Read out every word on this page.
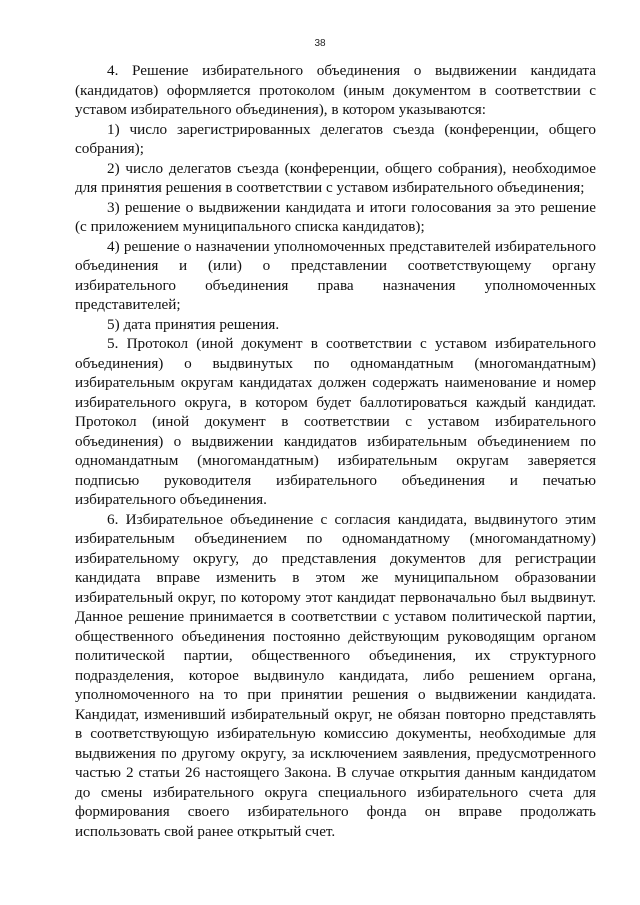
38

4. Решение избирательного объединения о выдвижении кандидата (кандидатов) оформляется протоколом (иным документом в соответствии с уставом избирательного объединения), в котором указываются:

1) число зарегистрированных делегатов съезда (конференции, общего собрания);

2) число делегатов съезда (конференции, общего собрания), необходимое для принятия решения в соответствии с уставом избирательного объединения;

3) решение о выдвижении кандидата и итоги голосования за это решение (с приложением муниципального списка кандидатов);

4) решение о назначении уполномоченных представителей избирательного объединения и (или) о представлении соответствующему органу избирательного объединения права назначения уполномоченных представителей;

5) дата принятия решения.

5. Протокол (иной документ в соответствии с уставом избирательного объединения) о выдвинутых по одномандатным (многомандатным) избирательным округам кандидатах должен содержать наименование и номер избирательного округа, в котором будет баллотироваться каждый кандидат. Протокол (иной документ в соответствии с уставом избирательного объединения) о выдвижении кандидатов избирательным объединением по одномандатным (многомандатным) избирательным округам заверяется подписью руководителя избирательного объединения и печатью избирательного объединения.

6. Избирательное объединение с согласия кандидата, выдвинутого этим избирательным объединением по одномандатному (многомандатному) избирательному округу, до представления документов для регистрации кандидата вправе изменить в этом же муниципальном образовании избирательный округ, по которому этот кандидат первоначально был выдвинут. Данное решение принимается в соответствии с уставом политической партии, общественного объединения постоянно действующим руководящим органом политической партии, общественного объединения, их структурного подразделения, которое выдвинуло кандидата, либо решением органа, уполномоченного на то при принятии решения о выдвижении кандидата. Кандидат, изменивший избирательный округ, не обязан повторно представлять в соответствующую избирательную комиссию документы, необходимые для выдвижения по другому округу, за исключением заявления, предусмотренного частью 2 статьи 26 настоящего Закона. В случае открытия данным кандидатом до смены избирательного округа специального избирательного счета для формирования своего избирательного фонда он вправе продолжать использовать свой ранее открытый счет.
